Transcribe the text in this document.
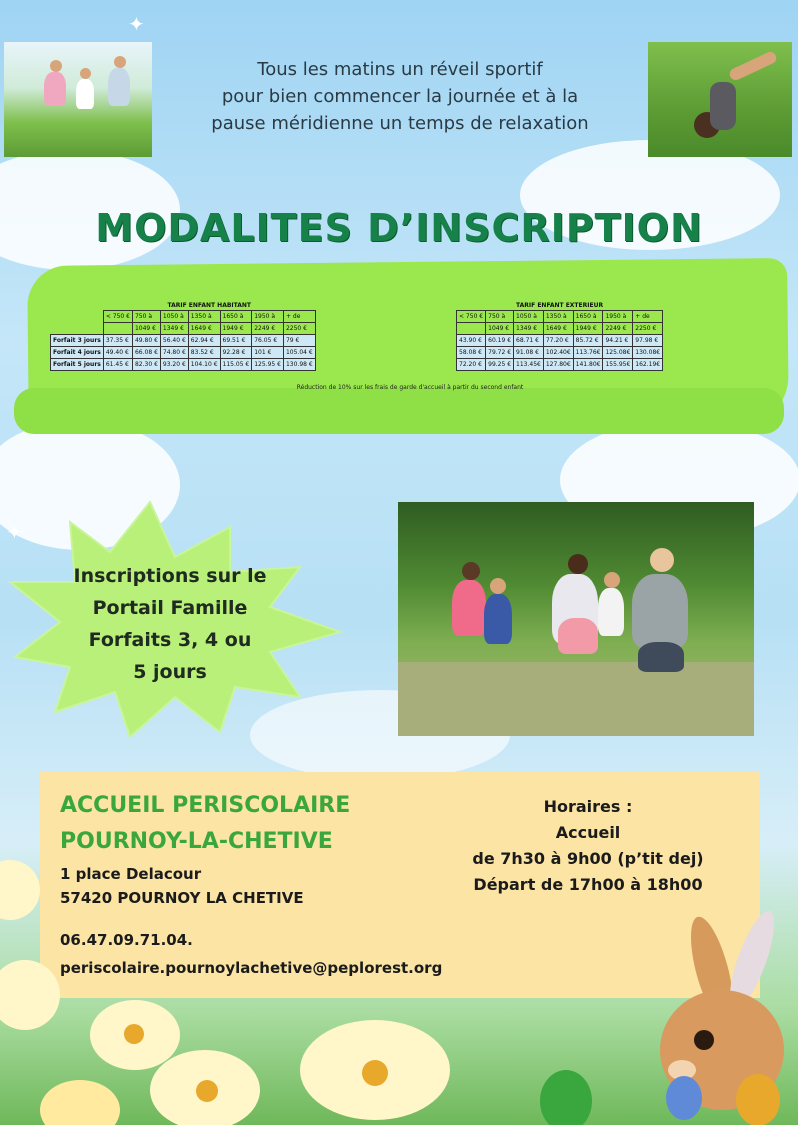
✦
✦
Tous les matins un réveil sportif
pour bien commencer la journée et à la
pause méridienne un temps de relaxation
MODALITES D’INSCRIPTION
	TARIF ENFANT HABITANT						
	< 750 €	750 à	1050 à	1350 à	1650 à	1950 à	+ de
		1049 €	1349 €	1649 €	1949 €	2249 €	2250 €
Forfait 3 jours	37.35 €	49.80 €	56.40 €	62.94 €	69.51 €	76.05 €	79 €
Forfait 4 jours	49.40 €	66.08 €	74.80 €	83.52 €	92.28 €	101 €	105.04 €
Forfait 5 jours	61.45 €	82.30 €	93.20 €	104.10 €	115.05 €	125.95 €	130.98 €
TARIF ENFANT EXTERIEUR						
< 750 €	750 à	1050 à	1350 à	1650 à	1950 à	+ de
	1049 €	1349 €	1649 €	1949 €	2249 €	2250 €
43.90 €	60.19 €	68.71 €	77.20 €	85.72 €	94.21 €	97.98 €
58.08 €	79.72 €	91.08 €	102.40€	113.76€	125.08€	130.08€
72.20 €	99.25 €	113.45€	127.80€	141.80€	155.95€	162.19€
Réduction de 10% sur les frais de garde d'accueil à partir du second enfant
Inscriptions sur le
Portail Famille
Forfaits 3, 4 ou
5 jours
ACCUEIL PERISCOLAIRE
POURNOY-LA-CHETIVE
1 place Delacour
57420 POURNOY LA CHETIVE
06.47.09.71.04.
periscolaire.pournoylachetive@peplorest.org
Horaires :
Accueil
de 7h30 à 9h00 (p’tit dej)
Départ de 17h00 à 18h00
